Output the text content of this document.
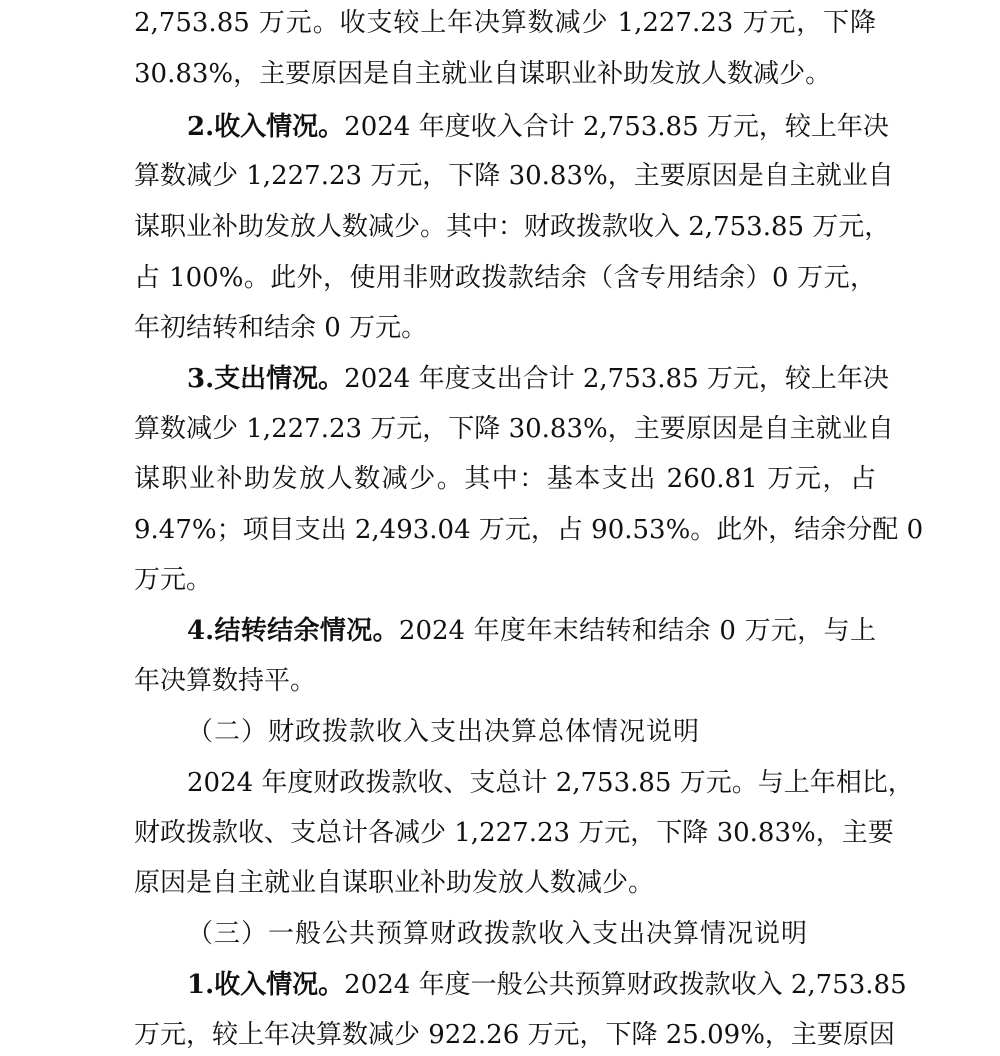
2,753.85 万元。收支较上年决算数减少 1,227.23 万元，下降
30.83%，主要原因是自主就业自谋职业补助发放人数减少。
2.收入情况。2024 年度收入合计 2,753.85 万元，较上年决
算数减少 1,227.23 万元，下降 30.83%，主要原因是自主就业自
谋职业补助发放人数减少。其中：财政拨款收入 2,753.85 万元，
占 100%。此外，使用非财政拨款结余（含专用结余）0 万元，
年初结转和结余 0 万元。
3.支出情况。2024 年度支出合计 2,753.85 万元，较上年决
算数减少 1,227.23 万元，下降 30.83%，主要原因是自主就业自
谋职业补助发放人数减少。其中：基本支出 260.81 万元，占
9.47%；项目支出 2,493.04 万元，占 90.53%。此外，结余分配 0
万元。
4.结转结余情况。2024 年度年末结转和结余 0 万元，与上
年决算数持平。
（二）财政拨款收入支出决算总体情况说明
2024 年度财政拨款收、支总计 2,753.85 万元。与上年相比，
财政拨款收、支总计各减少 1,227.23 万元，下降 30.83%，主要
原因是自主就业自谋职业补助发放人数减少。
（三）一般公共预算财政拨款收入支出决算情况说明
1.收入情况。2024 年度一般公共预算财政拨款收入 2,753.85
万元，较上年决算数减少 922.26 万元，下降 25.09%，主要原因
